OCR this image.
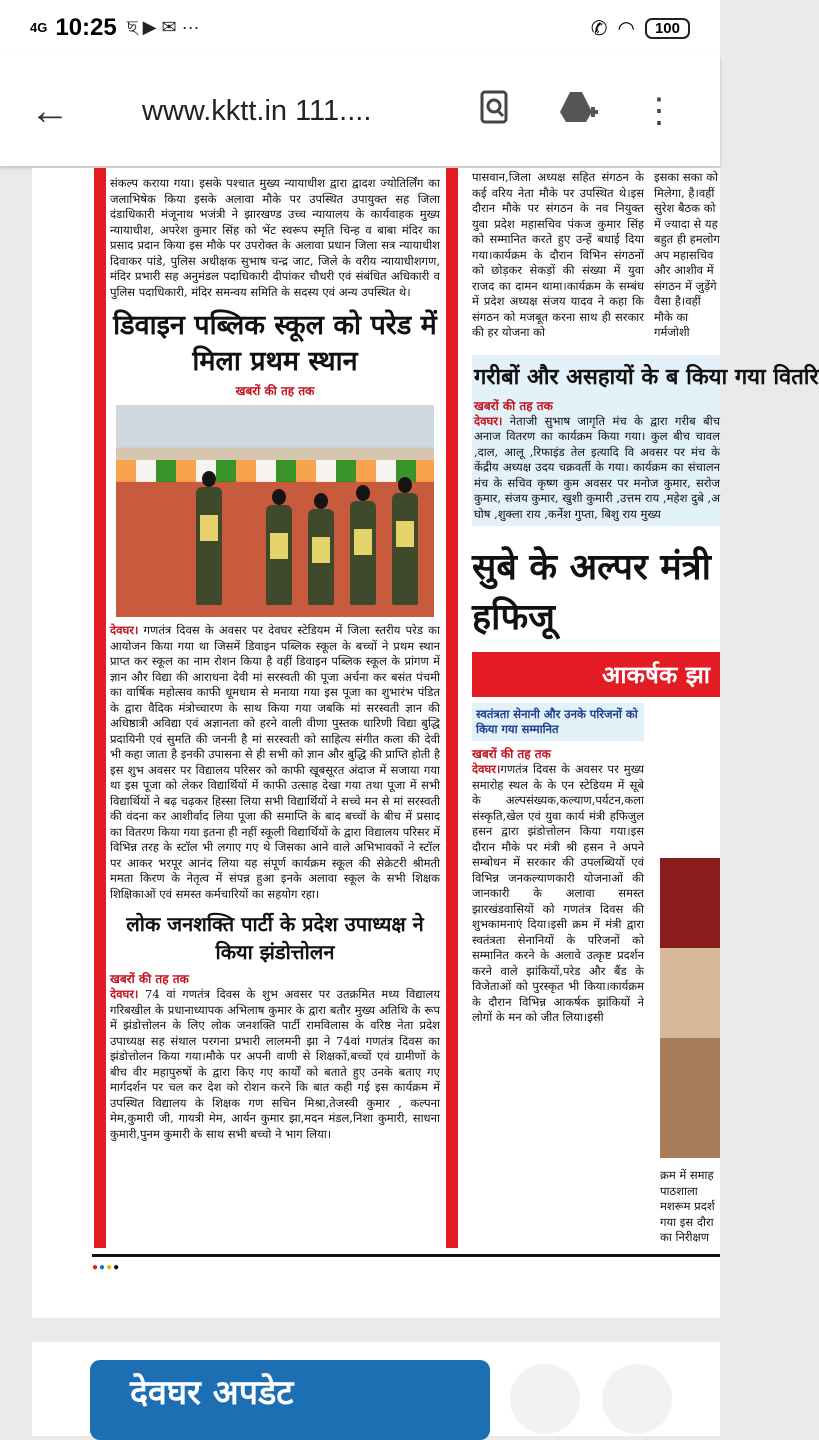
4G 10:25 ছ ▶ ✉ ···	✆ ◠	100
←	www.kktt.in 111....	⋮

संकल्प कराया गया। इसके पश्चात मुख्य न्यायाधीश द्वारा द्वादश ज्योतिर्लिंग का जलाभिषेक किया इसके अलावा मौके पर उपस्थित उपायुक्त सह जिला दंडाधिकारी मंजूनाथ भजंत्री ने झारखण्ड उच्च न्यायालय के कार्यवाहक मुख्य न्यायाधीश, अपरेश कुमार सिंह को भेंट स्वरूप स्मृति चिन्ह व बाबा मंदिर का प्रसाद प्रदान किया इस मौके पर उपरोक्त के अलावा प्रधान जिला सत्र न्यायाधीश दिवाकर पांडे, पुलिस अधीक्षक सुभाष चन्द्र जाट, जिले के वरीय न्यायाधीशगण, मंदिर प्रभारी सह अनुमंडल पदाधिकारी दीपांकर चौधरी एवं संबंधित अधिकारी व पुलिस पदाधिकारी, मंदिर समन्वय समिति के सदस्य एवं अन्य उपस्थित थे।

डिवाइन पब्लिक स्कूल को परेड में मिला प्रथम स्थान
खबरों की तह तक

देवघर। गणतंत्र दिवस के अवसर पर देवघर स्टेडियम में जिला स्तरीय परेड का आयोजन किया गया था जिसमें डिवाइन पब्लिक स्कूल के बच्चों ने प्रथम स्थान प्राप्त कर स्कूल का नाम रोशन किया है वहीं डिवाइन पब्लिक स्कूल के प्रांगण में ज्ञान और विद्या की आराधना देवी मां सरस्वती की पूजा अर्चना कर बसंत पंचमी का वार्षिक महोत्सव काफी धूमधाम से मनाया गया इस पूजा का शुभारंभ पंडित के द्वारा वैदिक मंत्रोच्चारण के साथ किया गया जबकि मां सरस्वती ज्ञान की अधिष्ठात्री अविद्या एवं अज्ञानता को हरने वाली वीणा पुस्तक धारिणी विद्या बुद्धि प्रदायिनी एवं सुमति की जननी है मां सरस्वती को साहित्य संगीत कला की देवी भी कहा जाता है इनकी उपासना से ही सभी को ज्ञान और बुद्धि की प्राप्ति होती है इस शुभ अवसर पर विद्यालय परिसर को काफी खूबसूरत अंदाज में सजाया गया था इस पूजा को लेकर विद्यार्थियों में काफी उत्साह देखा गया तथा पूजा में सभी विद्यार्थियों ने बढ़ चढ़कर हिस्सा लिया सभी विद्यार्थियों ने सच्चे मन से मां सरस्वती की वंदना कर आशीर्वाद लिया पूजा की समाप्ति के बाद बच्चों के बीच में प्रसाद का वितरण किया गया इतना ही नहीं स्कूली विद्यार्थियों के द्वारा विद्यालय परिसर में विभिन्न तरह के स्टॉल भी लगाए गए थे जिसका आने वाले अभिभावकों ने स्टॉल पर आकर भरपूर आनंद लिया यह संपूर्ण कार्यक्रम स्कूल की सेक्रेटरी श्रीमती ममता किरण के नेतृत्व में संपन्न हुआ इनके अलावा स्कूल के सभी शिक्षक शिक्षिकाओं एवं समस्त कर्मचारियों का सहयोग रहा।

लोक जनशक्ति पार्टी के प्रदेश उपाध्यक्ष ने किया झंडोत्तोलन
खबरों की तह तक

देवघर। 74 वां गणतंत्र दिवस के शुभ अवसर पर उतक्रमित मध्य विद्यालय गरिबखील के प्रधानाध्यापक अभिलाष कुमार के द्वारा बतौर मुख्य अतिथि के रूप में झंडोत्तोलन के लिए लोक जनशक्ति पार्टी रामविलास के वरिष्ठ नेता प्रदेश उपाध्यक्ष सह संथाल परगना प्रभारी लालमनी झा ने 74वां गणतंत्र दिवस का झंडोत्तोलन किया गया।मौके पर अपनी वाणी से शिक्षकों,बच्चों एवं ग्रामीणों के बीच वीर महापुरुषों के द्वारा किए गए कार्यों को बताते हुए उनके बताए गए मार्गदर्शन पर चल कर देश को रोशन करने कि बात कही गई इस कार्यक्रम में उपस्थित विद्यालय के शिक्षक गण सचिन मिश्रा,तेजस्वी कुमार , कल्पना मेम,कुमारी जी, गायत्री मेम, आर्यन कुमार झा,मदन मंडल,निशा कुमारी, साधना कुमारी,पुनम कुमारी के साथ सभी बच्चो ने भाग लिया।

पासवान,जिला अध्यक्ष सहित संगठन के कई वरिय नेता मौके पर उपस्थित थे।इस दौरान मौके पर संगठन के नव नियुक्त युवा प्रदेश महासचिव पंकज कुमार सिंह को सम्मानित करते हुए उन्हें बधाई दिया गया।कार्यक्रम के दौरान विभिन संगठनों को छोड़कर सेकड़ों की संख्या में युवा राजद का दामन थामा।कार्यक्रम के सम्बंध में प्रदेश अध्यक्ष संजय यादव ने कहा कि संगठन को मजबूत करना साथ ही सरकार की हर योजना को

गरीबों और असहायों के ब किया गया वितरि
खबरों की तह तक

देवघर। नेताजी सुभाष जागृति मंच के द्वारा गरीब बीच अनाज वितरण का कार्यक्रम किया गया। कुल बीच चावल ,दाल, आलू ,रिफाइंड तेल इत्यादि वि अवसर पर मंच के केंद्रीय अध्यक्ष उदय चक्रवर्ती के गया। कार्यक्रम का संचालन मंच के सचिव कृष्ण कुम अवसर पर मनोज कुमार, सरोज कुमार, संजय कुमार, खुशी कुमारी ,उत्तम राय ,महेश दुबे ,अ घोष ,शुक्ला राय ,कर्नेश गुप्ता, बिशु राय मुख्य

सुबे के अल्पर मंत्री हफिजू
आकर्षक झा

स्वतंत्रता सेनानी और उनके परिजनों को किया गया सम्मानित

खबरों की तह तक

देवघर।गणतंत्र दिवस के अवसर पर मुख्य समारोह स्थल के के एन स्टेडियम में सूबे के अल्पसंख्यक,कल्याण,पर्यटन,कला संस्कृति,खेल एवं युवा कार्य मंत्री हफिजुल हसन द्वारा झंडोत्तोलन किया गया।इस दौरान मौके पर मंत्री श्री हसन ने अपने सम्बोधन में सरकार की उपलब्धियों एवं विभिन्न जनकल्याणकारी योजनाओं की जानकारी के अलावा समस्त झारखंडवासियों को गणतंत्र दिवस की शुभकामनाएं दिया।इसी क्रम में मंत्री द्वारा स्वतंत्रता सेनानियों के परिजनों को सम्मानित करने के अलावे उत्कृष्ट प्रदर्शन करने वाले झांकियों,परेड और बैंड के विजेताओं को पुरस्कृत भी किया।कार्यक्रम के दौरान विभिन्न आकर्षक झांकियों ने लोगों के मन को जीत लिया।इसी

इसका सका को मिलेगा, है।वहीं सुरेश बैठक को में ज्यादा से यह बहुत ही हमलोग अप महासचिव और आशीव में संगठन में जुड़ेंगे वैसा है।वहीं मौके का गर्मजोशी

क्रम में समाह पाठशाला मशरूम प्रदर्श गया इस दौरा का निरीक्षण

●●●●
देवघर अपडेट
